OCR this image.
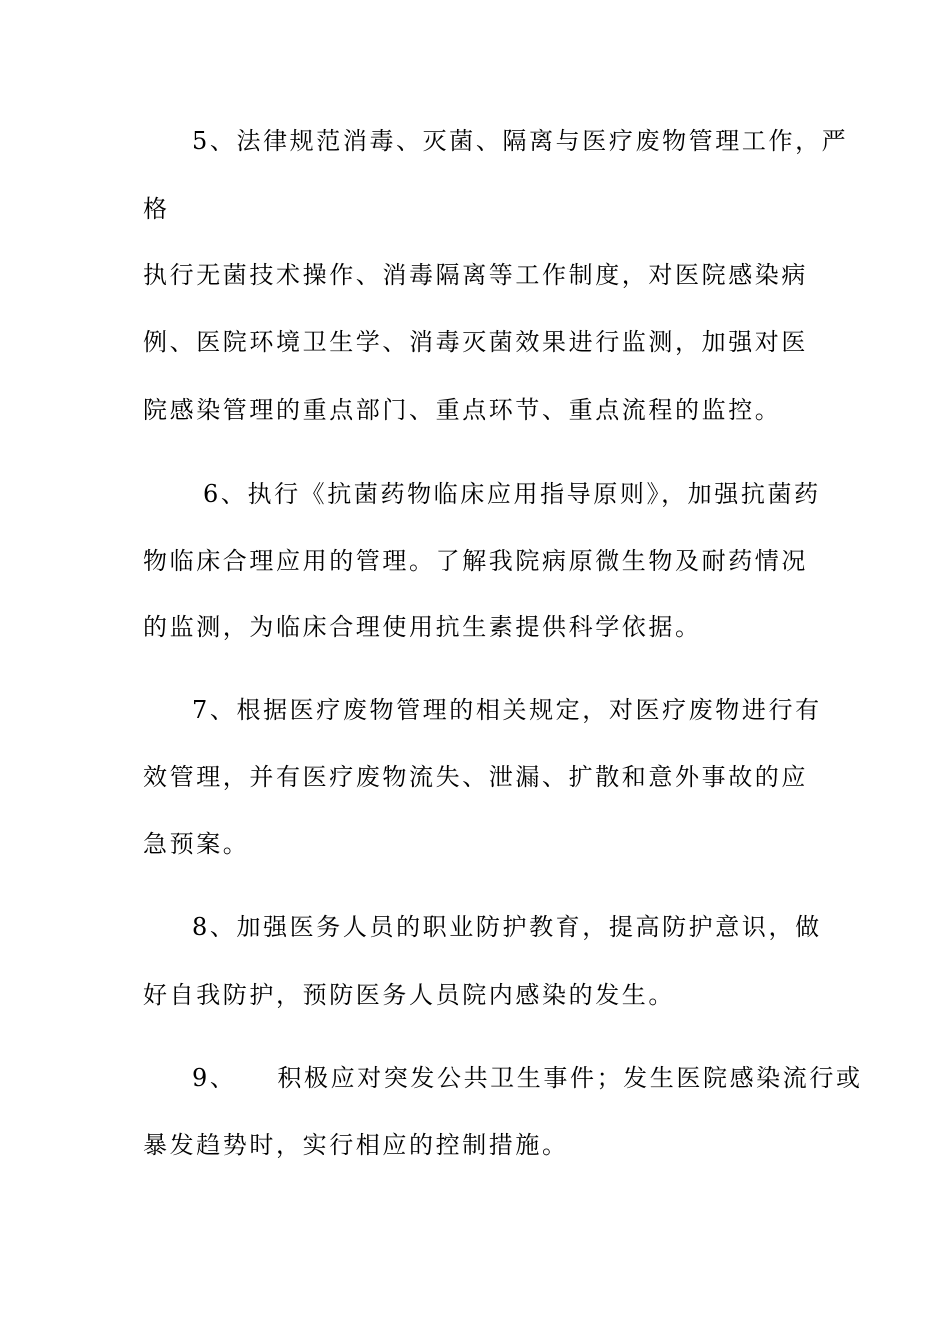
5、法律规范消毒、灭菌、隔离与医疗废物管理工作，严
格
执行无菌技术操作、消毒隔离等工作制度，对医院感染病
例、医院环境卫生学、消毒灭菌效果进行监测，加强对医
院感染管理的重点部门、重点环节、重点流程的监控。
6、执行《抗菌药物临床应用指导原则》，加强抗菌药
物临床合理应用的管理。了解我院病原微生物及耐药情况
的监测，为临床合理使用抗生素提供科学依据。
7、根据医疗废物管理的相关规定，对医疗废物进行有
效管理，并有医疗废物流失、泄漏、扩散和意外事故的应
急预案。
8、加强医务人员的职业防护教育，提高防护意识，做
好自我防护，预防医务人员院内感染的发生。
9、    积极应对突发公共卫生事件；发生医院感染流行或
暴发趋势时，实行相应的控制措施。
